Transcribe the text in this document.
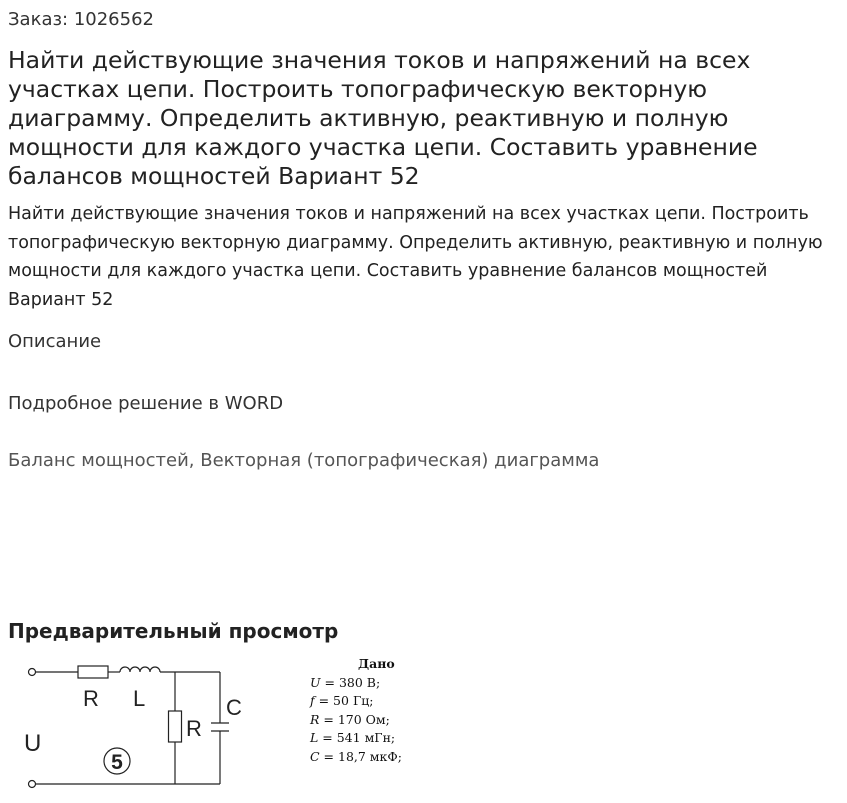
Заказ: 1026562
Найти действующие значения токов и напряжений на всех участках цепи. Построить топографическую векторную диаграмму. Определить активную, реактивную и полную мощности для каждого участка цепи. Составить уравнение балансов мощностей Вариант 52
Найти действующие значения токов и напряжений на всех участках цепи. Построить топографическую векторную диаграмму. Определить активную, реактивную и полную мощности для каждого участка цепи. Составить уравнение балансов мощностей Вариант 52
Описание
Подробное решение в WORD
Баланс мощностей, Векторная (топографическая) диаграмма
Предварительный просмотр
R L
R
C
U
5
Дано
U = 380 В;
f = 50 Гц;
R = 170 Ом;
L = 541 мГн;
C = 18,7 мкФ;
